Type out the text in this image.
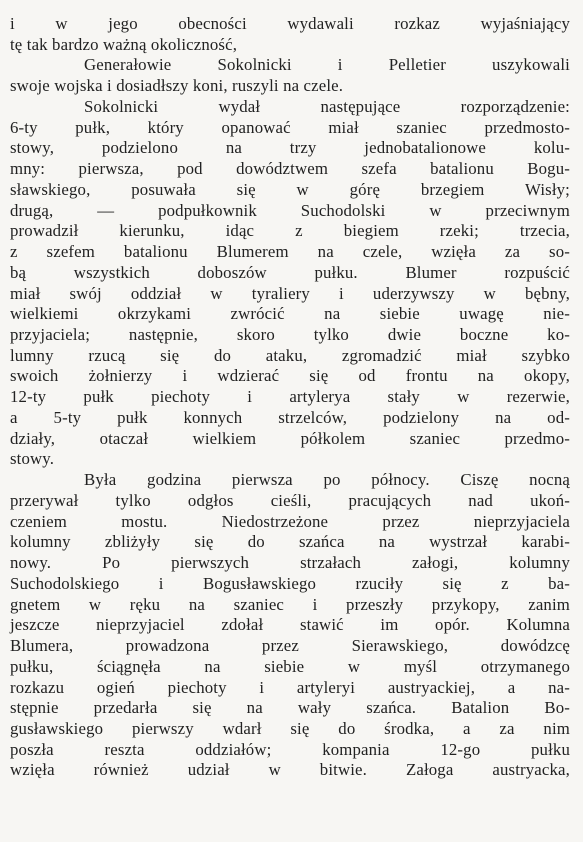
i w jego obecności wydawali rozkaz wyjaśniający
tę tak bardzo ważną okoliczność,
Generałowie Sokolnicki i Pelletier uszykowali
swoje wojska i dosiadłszy koni, ruszyli na czele.
Sokolnicki wydał następujące rozporządzenie:
6-ty pułk, który opanować miał szaniec przedmosto-
stowy, podzielono na trzy jednobatalionowe kolu-
mny: pierwsza, pod dowództwem szefa batalionu Bogu-
sławskiego, posuwała się w górę brzegiem Wisły;
drugą, — podpułkownik Suchodolski w przeciwnym
prowadził kierunku, idąc z biegiem rzeki; trzecia,
z szefem batalionu Blumerem na czele, wzięła za so-
bą wszystkich doboszów pułku. Blumer rozpuścić
miał swój oddział w tyraliery i uderzywszy w bębny,
wielkiemi okrzykami zwrócić na siebie uwagę nie-
przyjaciela; następnie, skoro tylko dwie boczne ko-
lumny rzucą się do ataku, zgromadzić miał szybko
swoich żołnierzy i wdzierać się od frontu na okopy,
12-ty pułk piechoty i artylerya stały w rezerwie,
a 5-ty pułk konnych strzelców, podzielony na od-
działy, otaczał wielkiem półkolem szaniec przedmo-
stowy.
Była godzina pierwsza po północy. Ciszę nocną
przerywał tylko odgłos cieśli, pracujących nad ukoń-
czeniem mostu. Niedostrzeżone przez nieprzyjaciela
kolumny zbliżyły się do szańca na wystrzał karabi-
nowy. Po pierwszych strzałach załogi, kolumny
Suchodolskiego i Bogusławskiego rzuciły się z ba-
gnetem w ręku na szaniec i przeszły przykopy, zanim
jeszcze nieprzyjaciel zdołał stawić im opór. Kolumna
Blumera, prowadzona przez Sierawskiego, dowódzcę
pułku, ściągnęła na siebie w myśl otrzymanego
rozkazu ogień piechoty i artyleryi austryackiej, a na-
stępnie przedarła się na wały szańca. Batalion Bo-
gusławskiego pierwszy wdarł się do środka, a za nim
poszła reszta oddziałów; kompania 12-go pułku
wzięła również udział w bitwie. Załoga austryacka,
